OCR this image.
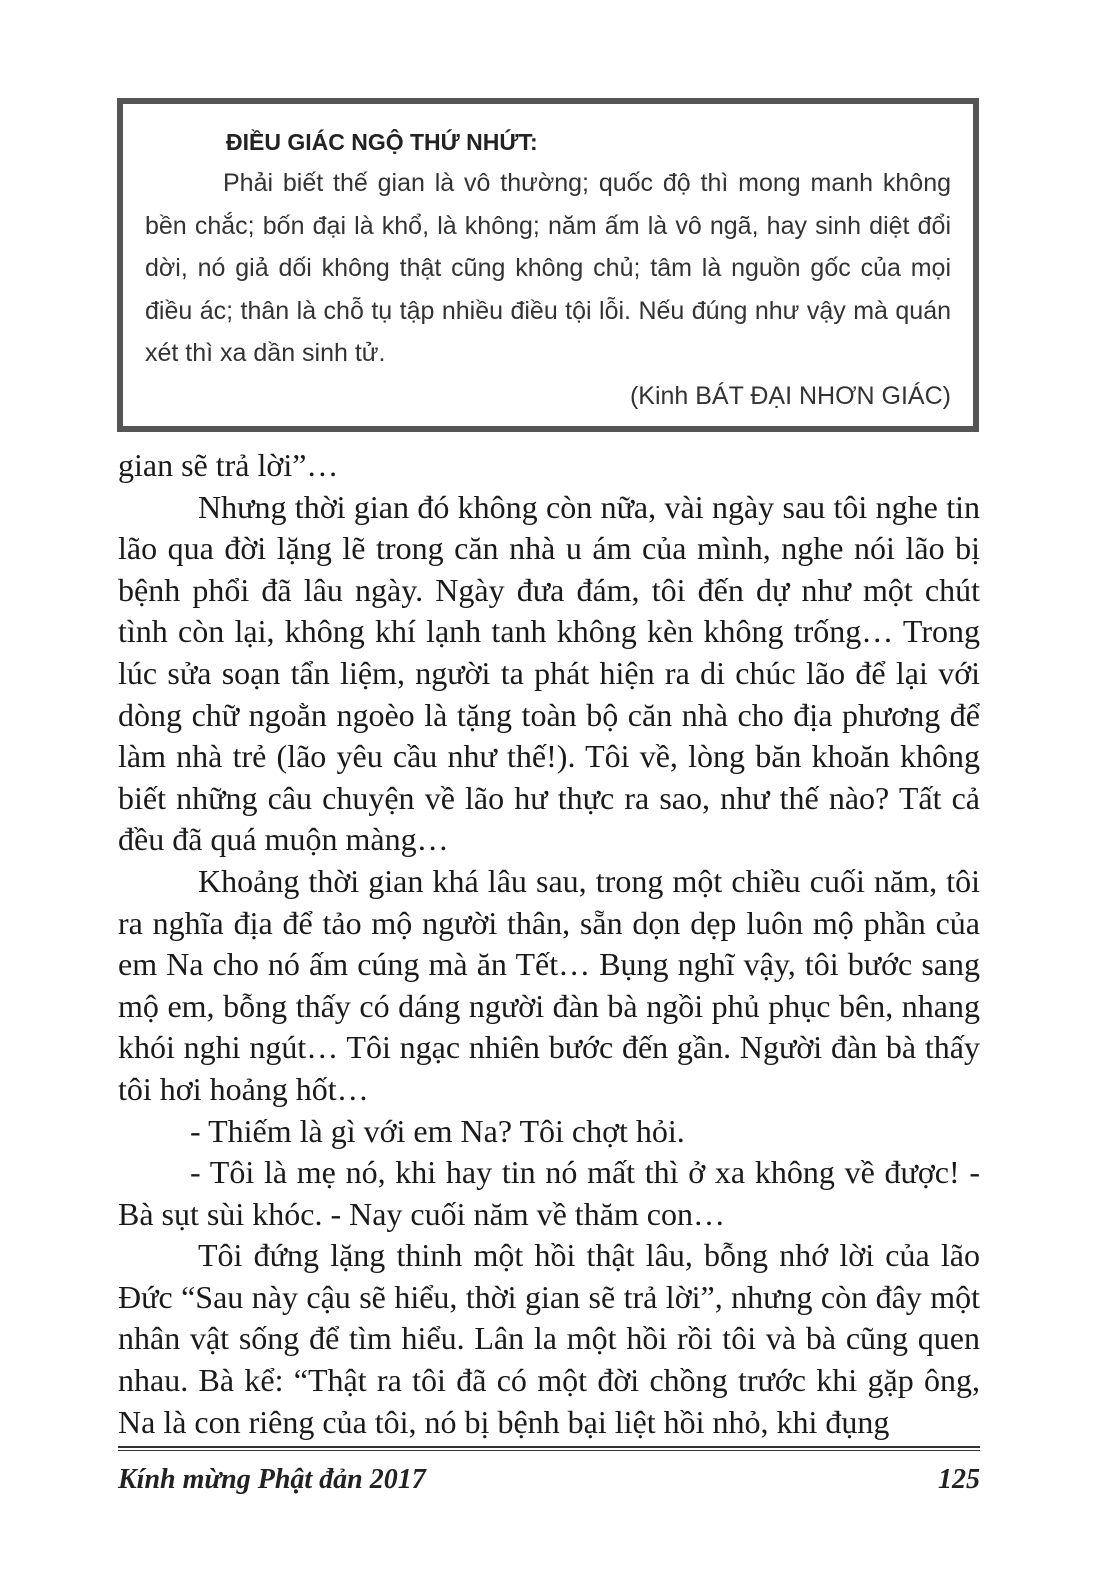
ĐIỀU GIÁC NGỘ THỨ NHỨT:

Phải biết thế gian là vô thường; quốc độ thì mong manh không bền chắc; bốn đại là khổ, là không; năm ấm là vô ngã, hay sinh diệt đổi dời, nó giả dối không thật cũng không chủ; tâm là nguồn gốc của mọi điều ác; thân là chỗ tụ tập nhiều điều tội lỗi. Nếu đúng như vậy mà quán xét thì xa dần sinh tử.

(Kinh BÁT ĐẠI NHƠN GIÁC)

gian sẽ trả lời”…

Nhưng thời gian đó không còn nữa, vài ngày sau tôi nghe tin lão qua đời lặng lẽ trong căn nhà u ám của mình, nghe nói lão bị bệnh phổi đã lâu ngày. Ngày đưa đám, tôi đến dự như một chút tình còn lại, không khí lạnh tanh không kèn không trống… Trong lúc sửa soạn tẩn liệm, người ta phát hiện ra di chúc lão để lại với dòng chữ ngoằn ngoèo là tặng toàn bộ căn nhà cho địa phương để làm nhà trẻ (lão yêu cầu như thế!). Tôi về, lòng băn khoăn không biết những câu chuyện về lão hư thực ra sao, như thế nào? Tất cả đều đã quá muộn màng…

Khoảng thời gian khá lâu sau, trong một chiều cuối năm, tôi ra nghĩa địa để tảo mộ người thân, sẵn dọn dẹp luôn mộ phần của em Na cho nó ấm cúng mà ăn Tết… Bụng nghĩ vậy, tôi bước sang mộ em, bỗng thấy có dáng người đàn bà ngồi phủ phục bên, nhang khói nghi ngút… Tôi ngạc nhiên bước đến gần. Người đàn bà thấy tôi hơi hoảng hốt…

- Thiếm là gì với em Na? Tôi chợt hỏi.

- Tôi là mẹ nó, khi hay tin nó mất thì ở xa không về được! - Bà sụt sùi khóc. - Nay cuối năm về thăm con…

Tôi đứng lặng thinh một hồi thật lâu, bỗng nhớ lời của lão Đức “Sau này cậu sẽ hiểu, thời gian sẽ trả lời”, nhưng còn đây một nhân vật sống để tìm hiểu. Lân la một hồi rồi tôi và bà cũng quen nhau. Bà kể: “Thật ra tôi đã có một đời chồng trước khi gặp ông, Na là con riêng của tôi, nó bị bệnh bại liệt hồi nhỏ, khi đụng

Kính mừng Phật đản 2017	125
